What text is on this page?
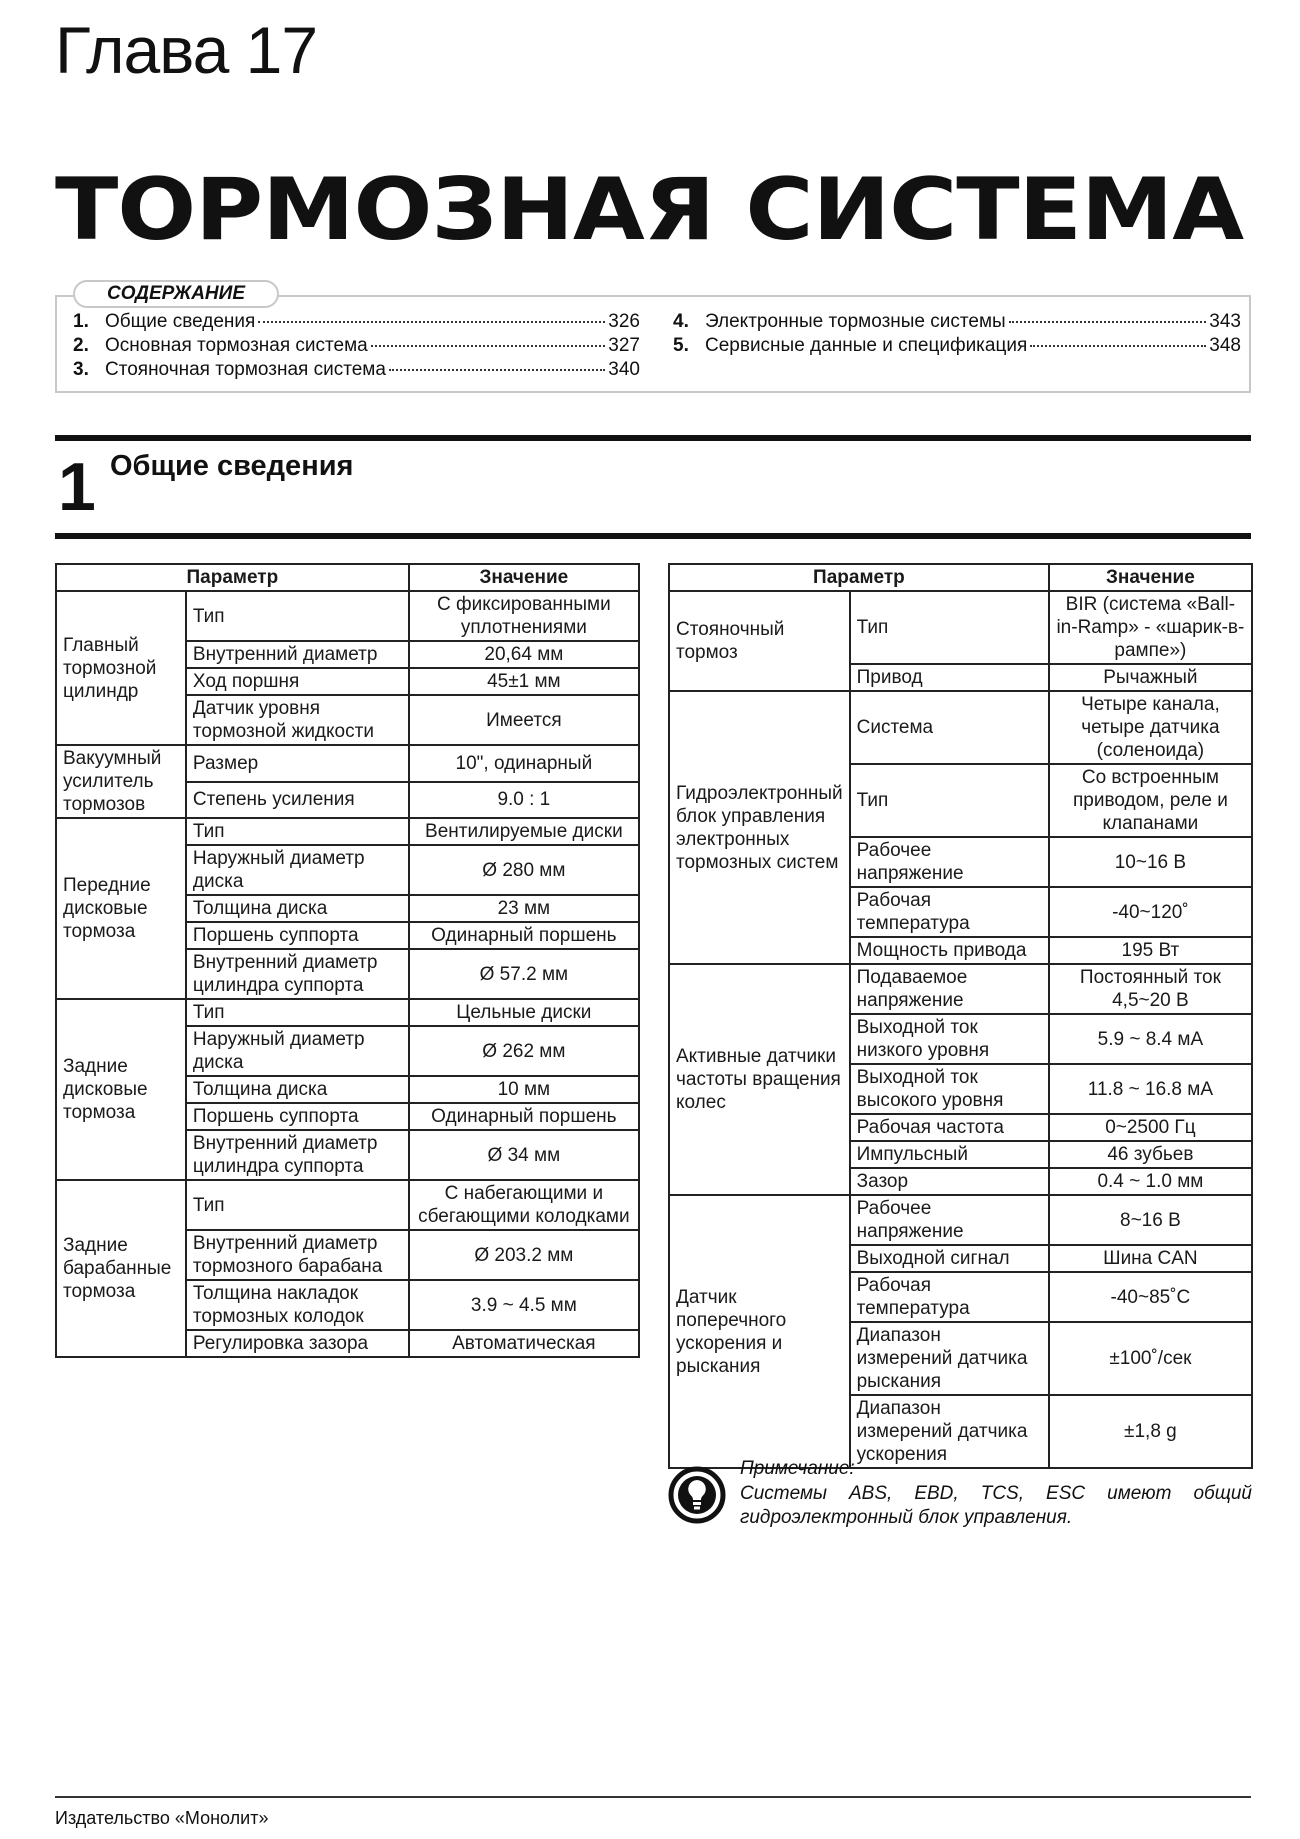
Глава 17
ТОРМОЗНАЯ СИСТЕМА
СОДЕРЖАНИЕ
1. Общие сведения	326
2. Основная тормозная система	327
3. Стояночная тормозная система	340
4. Электронные тормозные системы	343
5. Сервисные данные и спецификация	348
1 Общие сведения
Параметр		Значение
Главный тормозной цилиндр	Тип	С фиксированными уплотнениями
	Внутренний диаметр	20,64 мм
	Ход поршня	45±1 мм
	Датчик уровня тормозной жидкости	Имеется
Вакуумный усилитель тормозов	Размер	10", одинарный
	Степень усиления	9.0 : 1
Передние дисковые тормоза	Тип	Вентилируемые диски
	Наружный диаметр диска	Ø 280 мм
	Толщина диска	23 мм
	Поршень суппорта	Одинарный поршень
	Внутренний диаметр цилиндра суппорта	Ø 57.2 мм
Задние дисковые тормоза	Тип	Цельные диски
	Наружный диаметр диска	Ø 262 мм
	Толщина диска	10 мм
	Поршень суппорта	Одинарный поршень
	Внутренний диаметр цилиндра суппорта	Ø 34 мм
Задние барабанные тормоза	Тип	С набегающими и сбегающими колодками
	Внутренний диаметр тормозного барабана	Ø 203.2 мм
	Толщина накладок тормозных колодок	3.9 ~ 4.5 мм
	Регулировка зазора	Автоматическая
Параметр		Значение
Стояночный тормоз	Тип	BIR (система «Ball-in-Ramp» - «шарик-в-рампе»)
	Привод	Рычажный
Гидроэлектронный блок управления электронных тормозных систем	Система	Четыре канала, четыре датчика (соленоида)
	Тип	Со встроенным приводом, реле и клапанами
	Рабочее напряжение	10~16 В
	Рабочая температура	-40~120˚
	Мощность привода	195 Вт
Активные датчики частоты вращения колес	Подаваемое напряжение	Постоянный ток 4,5~20 В
	Выходной ток низкого уровня	5.9 ~ 8.4 мА
	Выходной ток высокого уровня	11.8 ~ 16.8 мА
	Рабочая частота	0~2500 Гц
	Импульсный	46 зубьев
	Зазор	0.4 ~ 1.0 мм
Датчик поперечного ускорения и рыскания	Рабочее напряжение	8~16 В
	Выходной сигнал	Шина CAN
	Рабочая температура	-40~85˚C
	Диапазон измерений датчика рыскания	±100˚/сек
	Диапазон измерений датчика ускорения	±1,8 g
Примечание:
Системы ABS, EBD, TCS, ESC имеют общий гидроэлектронный блок управления.
Издательство «Монолит»
